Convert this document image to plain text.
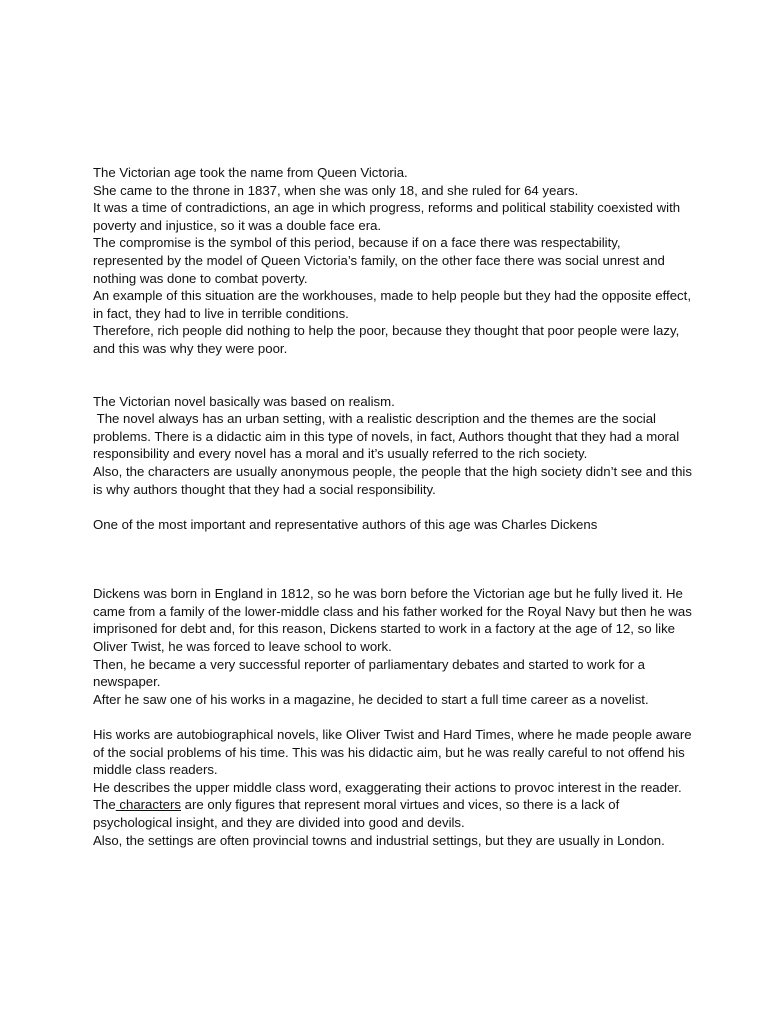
The Victorian age took the name from Queen Victoria.

She came to the throne in 1837, when she was only 18, and she ruled for 64 years.

It was a time of contradictions, an age in which progress, reforms and political stability coexisted with poverty and injustice, so it was a double face era.

The compromise is the symbol of this period, because if on a face there was respectability, represented by the model of Queen Victoria’s family, on the other face there was social unrest and nothing was done to combat poverty.

An example of this situation are the workhouses, made to help people but they had the opposite effect, in fact, they had to live in terrible conditions.

Therefore, rich people did nothing to help the poor, because they thought that poor people were lazy, and this was why they were poor.

The Victorian novel basically was based on realism.

The novel always has an urban setting, with a realistic description and the themes are the social problems. There is a didactic aim in this type of novels, in fact, Authors thought that they had a moral responsibility and every novel has a moral and it’s usually referred to the rich society.

Also, the characters are usually anonymous people, the people that the high society didn’t see and this is why authors thought that they had a social responsibility.

One of the most important and representative authors of this age was Charles Dickens

Dickens was born in England in 1812, so he was born before the Victorian age but he fully lived it. He came from a family of the lower-middle class and his father worked for the Royal Navy but then he was imprisoned for debt and, for this reason, Dickens started to work in a factory at the age of 12, so like Oliver Twist, he was forced to leave school to work.

Then, he became a very successful reporter of parliamentary debates and started to work for a newspaper.

After he saw one of his works in a magazine, he decided to start a full time career as a novelist.

His works are autobiographical novels, like Oliver Twist and Hard Times, where he made people aware of the social problems of his time. This was his didactic aim, but he was really careful to not offend his middle class readers.

He describes the upper middle class word, exaggerating their actions to provoc interest in the reader.

The characters are only figures that represent moral virtues and vices, so there is a lack of psychological insight, and they are divided into good and devils.

Also, the settings are often provincial towns and industrial settings, but they are usually in London.
